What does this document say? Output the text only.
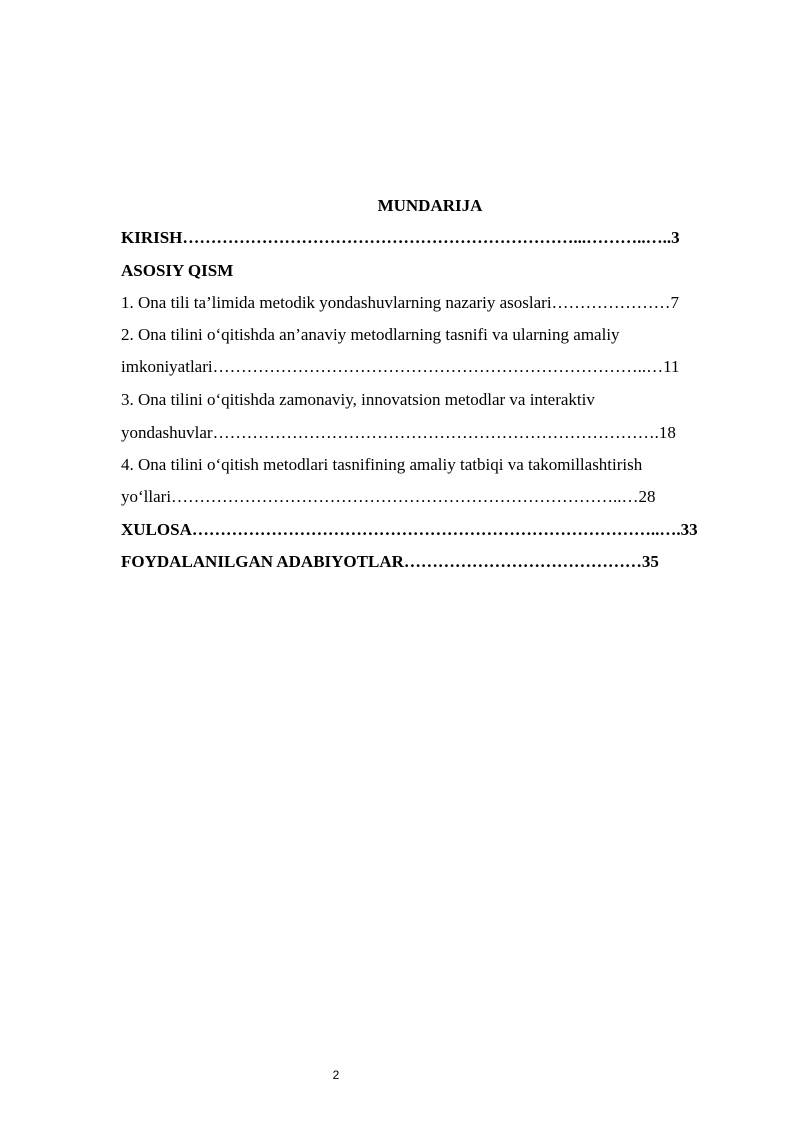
MUNDARIJA
KIRISH……………………………………………………………...………..…..3
ASOSIY QISM
1. Ona tili ta’limida metodik yondashuvlarning nazariy asoslari…………………7
2. Ona tilini o‘qitishda an’anaviy metodlarning tasnifi va ularning amaliy
imkoniyatlari…………………………………………………………………..…11
3. Ona tilini o‘qitishda zamonaviy, innovatsion metodlar va interaktiv
yondashuvlar…………………………………………………………………….18
4. Ona tilini o‘qitish metodlari tasnifining amaliy tatbiqi va takomillashtirish
yo‘llari……………………………………………………………………..…28
XULOSA………………………………………………………………………..….33
FOYDALANILGAN ADABIYOTLAR……………………………………35
2
